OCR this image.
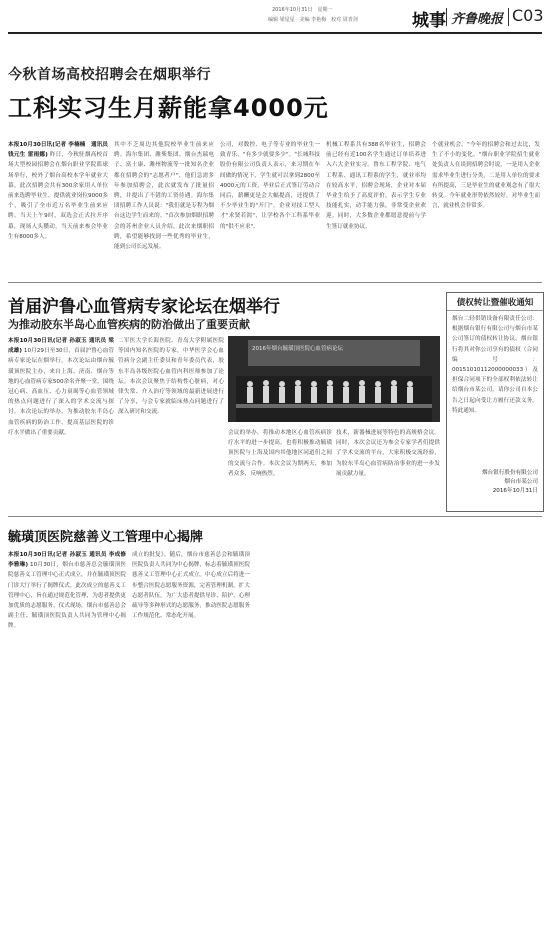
2016年10月31日　星期一
编辑 梁星星　美编 李艳梅　校对 周青剑	城事 齐鲁晚报 C03
今秋首场高校招聘会在烟职举行
工科实习生月薪能拿4000元
本报10月30日讯(记者 李楠楠　通讯员 钱元生 雷雨娜) 昨日，今秋驻烟高校首场大型校园招聘会在烟台职业学院篮球场举行，校外了烟台高校本学年就业大幕，此次招聘会共有300余家用人单位前来选聘毕业生，提供就业岗位9000多个，吸引了全市近万名毕业生前来应聘。当天上午9时，双选会正式拉开序幕，现场人头攒动。当天前来参会毕业生有8000多人。
其中不乏周边其他院校毕业生前来应聘。海尔集团、潍柴集团、烟台杰瑞电子、富士康、潍州物流等一批知名企业都在招聘会的"志愿者户"，他们急需多年参加招聘会，此次就发布了批量招聘，并提出了不错的工资待遇。海尔集团招聘工作人员说："我们就是专程为烟台这边学生而来的。"首次参加烟职招聘会的苏州企业人员介绍，此次来烟职招聘，希望能够找到一些优秀的毕业生，能到公司长远发展。
公司，对数控、电子等专业的毕业生一致青乐，"有多少就要多少"。"长城科技股份有限公司负责人表示，来习期在车间做的情况下，学生就可以拿到2800至4000元的工资，毕业后正式签订劳动合同后，薪酬更是会大幅提高，还提供了不少毕业生的"开门"。企业对技工型人才"求贤若渴"，让学校各个工科系毕业的"供不应求"。
机械工程系共有388名毕业生，招聘会前已经有近100名学生通过订单培养进入六大企业实习。鲁东工程学院、电气工程系、通讯工程系的学生，就业率均在较高水平，招聘会现场，企业对本届毕业生给予了高度评价，表示学生专业技能扎实，动手能力强，非常受企业欢迎。同时，大多数企业都愿意提前与学生签订就业协议。
个就业机会。"今年的招聘会和过去比，发生了不小的变化。"烟台职业学院招生就业处负责人在谈到招聘会时说，一是用人企业需求毕业生进行分类，二是用人单位的要求有所提高，三是毕业生的就业观念有了很大转变。今年就业形势依然较好，对毕业生而言，就业机会非常多。
首届沪鲁心血管病专家论坛在烟举行
为推动胶东半岛心血管疾病的防治做出了重要贡献
本报10月30日讯(记者 孙淑玉 通讯员 梁成雄) 10月29日至30日，首届沪鲁心血管病专家论坛在烟举行。本次论坛由烟台毓璜顶医院主办，来自上海、济南、烟台等地的心血管病专家500余名齐聚一堂，围绕冠心病、高血压、心力衰竭等心血管领域的热点问题进行了深入的学术交流与探讨。本次论坛的举办，为推动胶东半岛心血管疾病的防治工作、提高基层医院的诊疗水平做出了重要贡献。
二军医大学长海医院、青岛大学附属医院等国内知名医院的专家，中华医学会心血管病分会副主任委员和青年委员代表，胶东半岛各级医院心血管内科医师参加了论坛。本次会议聚焦于结构性心脏病，对心律失常、介入治疗等领域的最新进展进行了分享，与会专家就临床热点问题进行了深入研讨和交流。
2016年烟台毓璜顶医院心血管病论坛
会议的举办，将推动本地区心血管疾病诊疗水平的进一步提高，也将积极推动毓璜顶医院与上海及国内其他地区同道们之间的交流与合作。本次会议为期两天，参加者众多，反响热烈。
技术，新器械进展等特色的高规格会议。同时，本次会议还为参会专家学者们提供了学术交流的平台，大家积极交流经验，为胶东半岛心血管病防治事业的进一步发展贡献力量。
债权转让暨催收通知
烟台二轻供销设备有限责任公司：根据烟台银行有限公司与烟台市某公司签订的债权转让协议，烟台银行将其对你公司享有的债权（合同编号：00151010112000000033）及担保合同项下的全部权利依法转让给烟台市某公司。请你公司自本公告之日起向受让方履行还款义务。特此通知。
烟台银行股份有限公司
烟台市某公司
2016年10月31日
毓璜顶医院慈善义工管理中心揭牌
本报10月30日讯(记者 孙淑玉 通讯员 李成修 李雅琳) 10月30日，烟台市慈善总会毓璜顶医院慈善义工管理中心正式成立，并在毓璜顶医院门诊大厅举行了揭牌仪式。此次成立的慈善义工管理中心，旨在通过规范化管理，为患者提供更加优质的志愿服务。仪式现场，烟台市慈善总会副主任、毓璜顶医院负责人共同为管理中心揭牌。
成立的批复》。随后，烟台市慈善总会和毓璜顶医院负责人共同为中心揭牌，标志着毓璜顶医院慈善义工管理中心正式成立。中心成立后将进一步整合医院志愿服务资源，完善管理机制，扩大志愿者队伍，为广大患者提供导诊、陪护、心理疏导等多种形式的志愿服务，推动医院志愿服务工作规范化、常态化开展。
